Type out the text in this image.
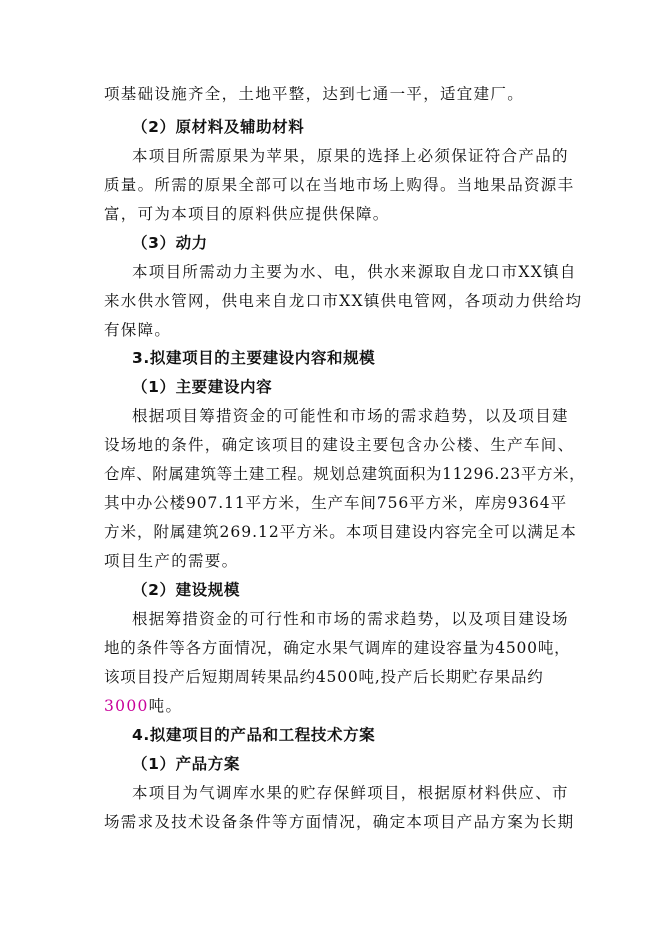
项基础设施齐全，土地平整，达到七通一平，适宜建厂。
（2）原材料及辅助材料
本项目所需原果为苹果，原果的选择上必须保证符合产品的
质量。所需的原果全部可以在当地市场上购得。当地果品资源丰
富，可为本项目的原料供应提供保障。
（3）动力
本项目所需动力主要为水、电，供水来源取自龙口市XX镇自
来水供水管网，供电来自龙口市XX镇供电管网，各项动力供给均
有保障。
3.拟建项目的主要建设内容和规模
（1）主要建设内容
根据项目筹措资金的可能性和市场的需求趋势，以及项目建
设场地的条件，确定该项目的建设主要包含办公楼、生产车间、
仓库、附属建筑等土建工程。规划总建筑面积为11296.23平方米，
其中办公楼907.11平方米，生产车间756平方米，库房9364平
方米，附属建筑269.12平方米。本项目建设内容完全可以满足本
项目生产的需要。
（2）建设规模
根据筹措资金的可行性和市场的需求趋势，以及项目建设场
地的条件等各方面情况，确定水果气调库的建设容量为4500吨，
该项目投产后短期周转果品约4500吨,投产后长期贮存果品约
3000吨。
4.拟建项目的产品和工程技术方案
（1）产品方案
本项目为气调库水果的贮存保鲜项目，根据原材料供应、市
场需求及技术设备条件等方面情况，确定本项目产品方案为长期
